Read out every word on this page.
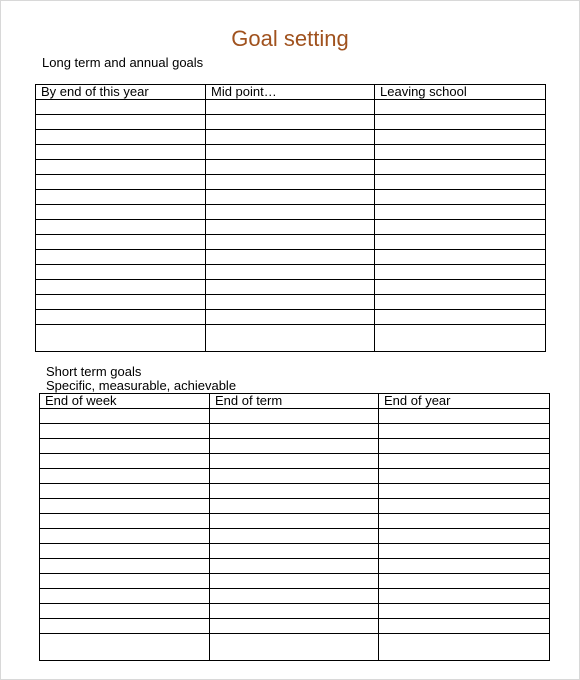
Goal setting
Long term and annual goals
By end of this year	Mid point…	Leaving school

Short term goals
Specific, measurable, achievable
End of week	End of term	End of year
